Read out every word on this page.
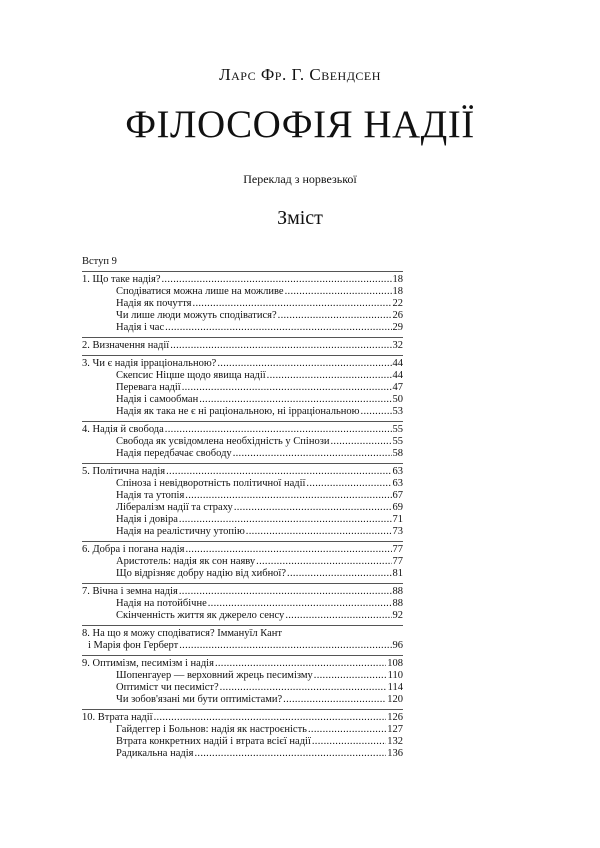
Ларс Фр. Г. Свендсен
ФІЛОСОФІЯ НАДІЇ
Переклад з норвезької
Зміст
Вступ 9
1. Що таке надія? .....	18
Сподіватися можна лише на можливе .....	18
Надія як почуття .....	22
Чи лише люди можуть сподіватися? .....	26
Надія і час .....	29
2. Визначення надії .....	32
3. Чи є надія ірраціональною? .....	44
Скепсис Ніцше щодо явища надії .....	44
Перевага надії .....	47
Надія і самообман .....	50
Надія як така не є ні раціональною, ні ірраціональною .....	53
4. Надія й свобода .....	55
Свобода як усвідомлена необхідність у Спінози .....	55
Надія передбачає свободу .....	58
5. Політична надія .....	63
Спіноза і невідворотність політичної надії .....	63
Надія та утопія .....	67
Лібералізм надії та страху .....	69
Надія і довіра .....	71
Надія на реалістичну утопію .....	73
6. Добра і погана надія .....	77
Аристотель: надія як сон наяву .....	77
Що відрізняє добру надію від хибної? .....	81
7. Вічна і земна надія .....	88
Надія на потойбічне .....	88
Скінченність життя як джерело сенсу .....	92
8. На що я можу сподіватися? Іммануїл Кант
і Марія фон Герберт .....	96
9. Оптимізм, песимізм і надія .....	108
Шопенгауер — верховний жрець песимізму .....	110
Оптиміст чи песиміст? .....	114
Чи зобов'язані ми бути оптимістами? .....	120
10. Втрата надії .....	126
Гайдеггер і Больнов: надія як настроєність .....	127
Втрата конкретних надій і втрата всієї надії .....	132
Радикальна надія .....	136
